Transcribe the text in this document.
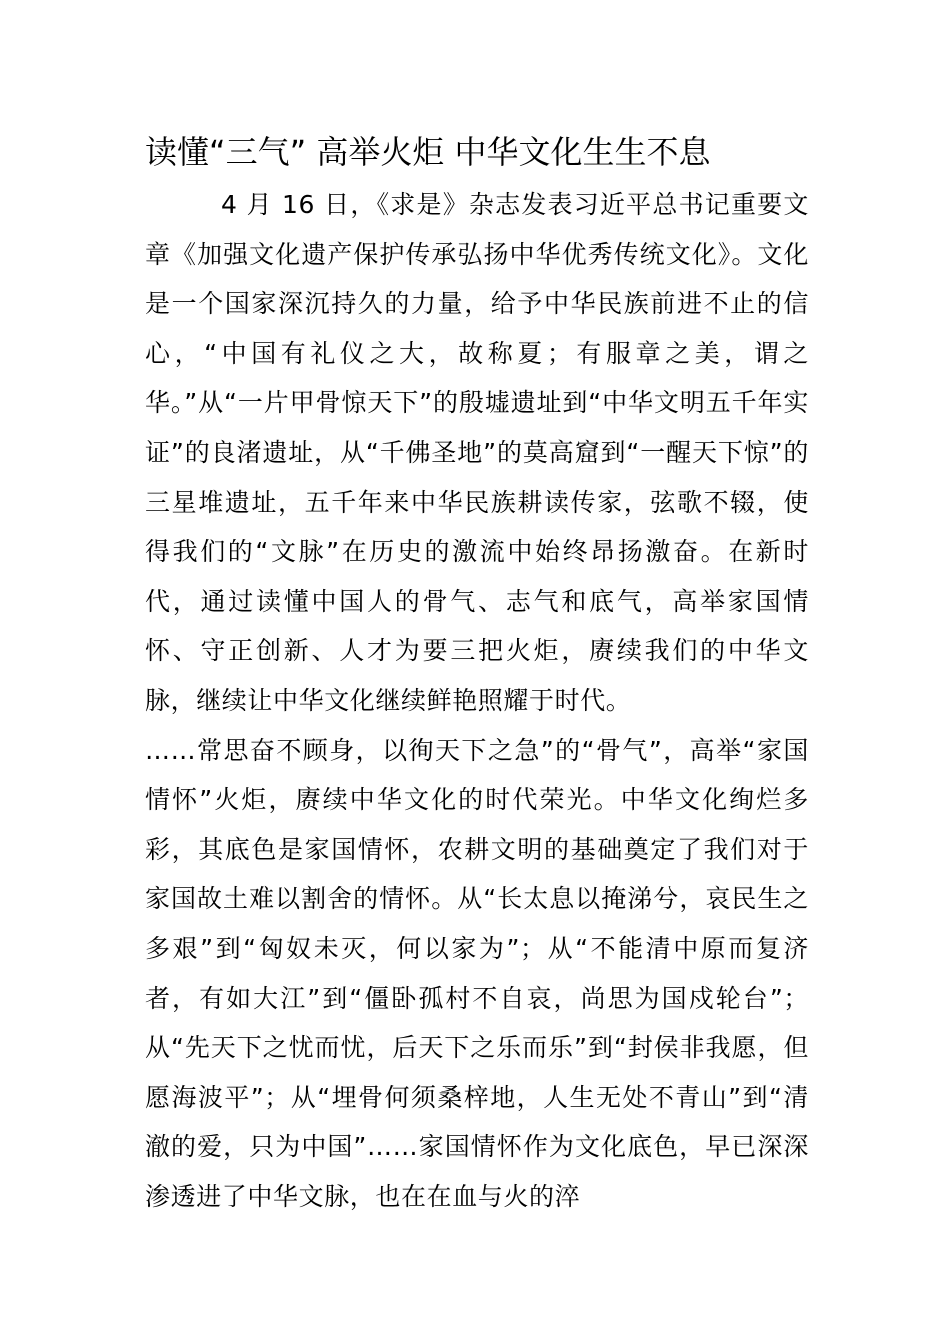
读懂“三气” 高举火炬 中华文化生生不息

4 月 16 日，《求是》杂志发表习近平总书记重要文章《加强文化遗产保护传承弘扬中华优秀传统文化》。文化是一个国家深沉持久的力量，给予中华民族前进不止的信心，“中国有礼仪之大，故称夏；有服章之美，谓之华。”从“一片甲骨惊天下”的殷墟遗址到“中华文明五千年实证”的良渚遗址，从“千佛圣地”的莫高窟到“一醒天下惊”的三星堆遗址，五千年来中华民族耕读传家，弦歌不辍，使得我们的“文脉”在历史的激流中始终昂扬激奋。在新时代，通过读懂中国人的骨气、志气和底气，高举家国情怀、守正创新、人才为要三把火炬，赓续我们的中华文脉，继续让中华文化继续鲜艳照耀于时代。

……常思奋不顾身，以徇天下之急”的“骨气”，高举“家国情怀”火炬，赓续中华文化的时代荣光。中华文化绚烂多彩，其底色是家国情怀，农耕文明的基础奠定了我们对于家国故土难以割舍的情怀。从“长太息以掩涕兮，哀民生之多艰”到“匈奴未灭，何以家为”；从“不能清中原而复济者，有如大江”到“僵卧孤村不自哀，尚思为国戍轮台”；从“先天下之忧而忧，后天下之乐而乐”到“封侯非我愿，但愿海波平”；从“埋骨何须桑梓地，人生无处不青山”到“清澈的爱，只为中国”……家国情怀作为文化底色，早已深深渗透进了中华文脉，也在在血与火的淬
